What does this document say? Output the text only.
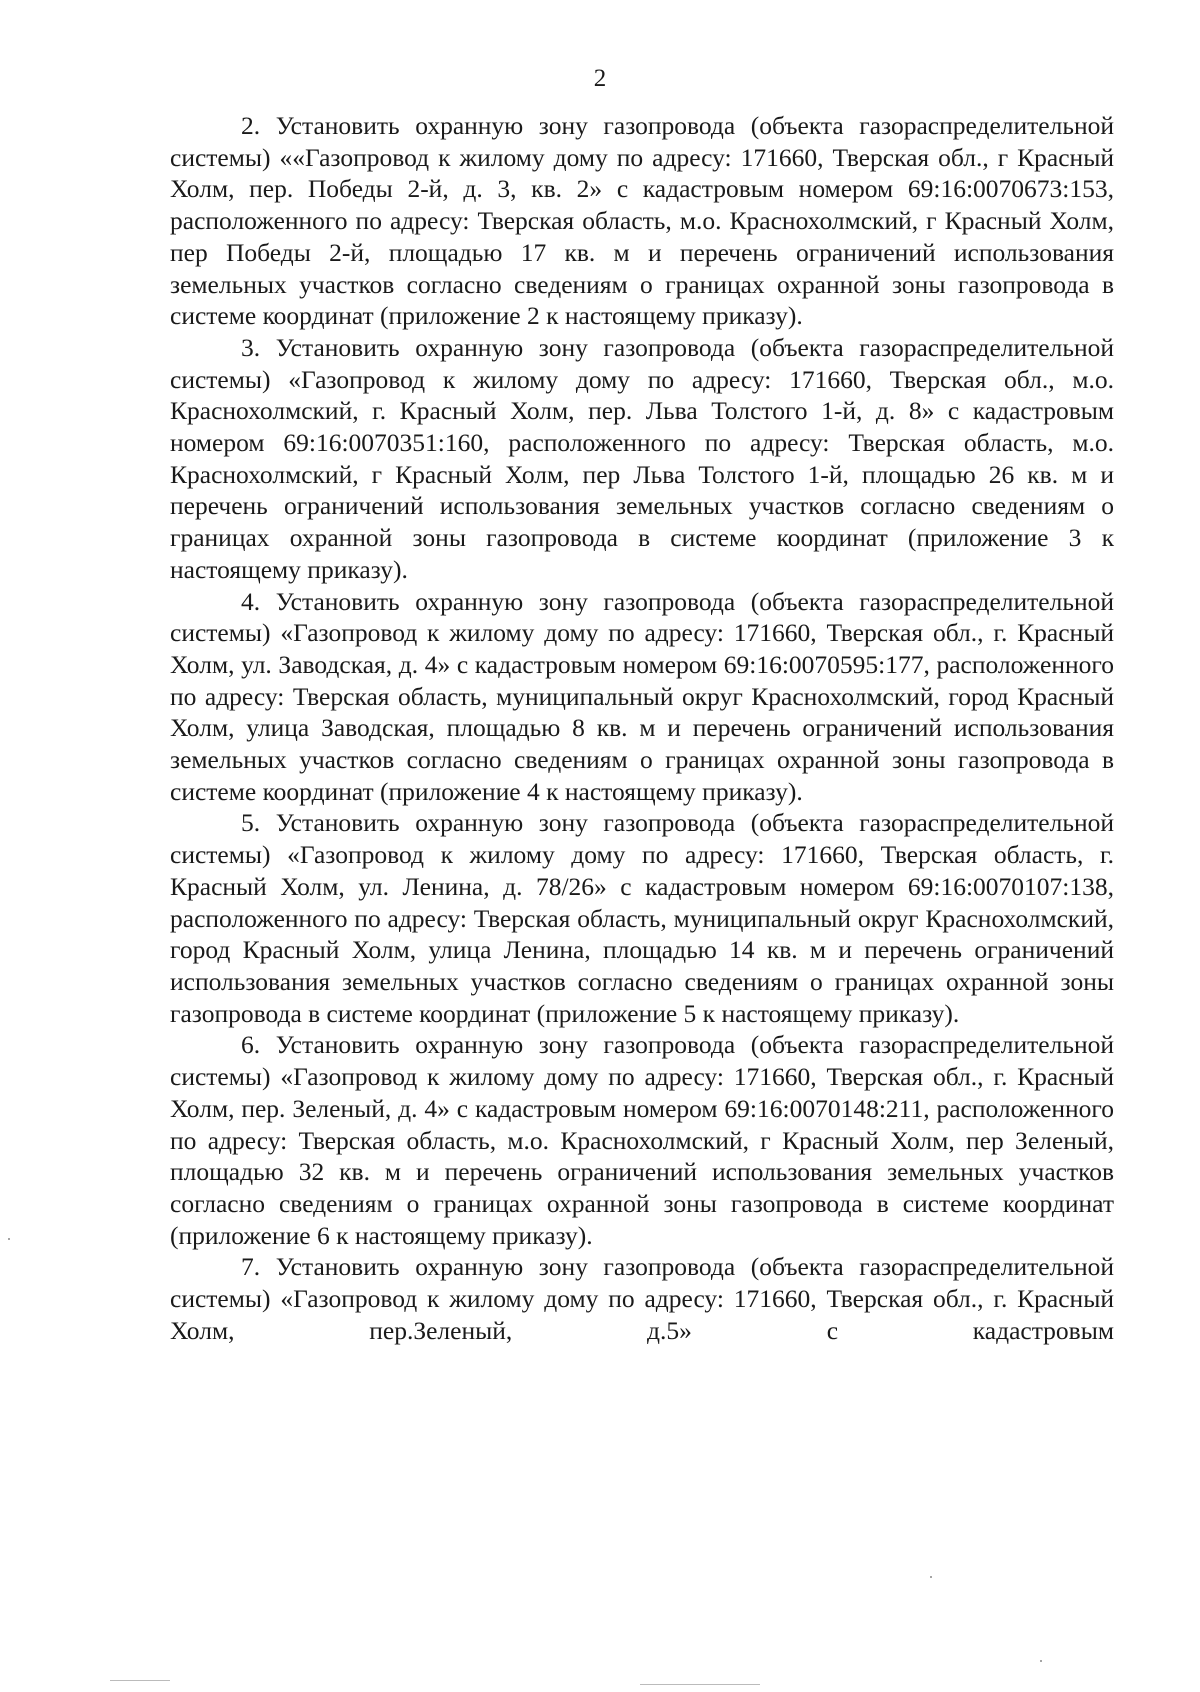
2

2. Установить охранную зону газопровода (объекта газораспределительной системы) ««Газопровод к жилому дому по адресу: 171660, Тверская обл., г Красный Холм, пер. Победы 2-й, д. 3, кв. 2» с кадастровым номером 69:16:0070673:153, расположенного по адресу: Тверская область, м.о. Краснохолмский, г Красный Холм, пер Победы 2-й, площадью 17 кв. м и перечень ограничений использования земельных участков согласно сведениям о границах охранной зоны газопровода в системе координат (приложение 2 к настоящему приказу).

3. Установить охранную зону газопровода (объекта газораспределительной системы) «Газопровод к жилому дому по адресу: 171660, Тверская обл., м.о. Краснохолмский, г. Красный Холм, пер. Льва Толстого 1-й, д. 8» с кадастровым номером 69:16:0070351:160, расположенного по адресу: Тверская область, м.о. Краснохолмский, г Красный Холм, пер Льва Толстого 1-й, площадью 26 кв. м и перечень ограничений использования земельных участков согласно сведениям о границах охранной зоны газопровода в системе координат (приложение 3 к настоящему приказу).

4. Установить охранную зону газопровода (объекта газораспределительной системы) «Газопровод к жилому дому по адресу: 171660, Тверская обл., г. Красный Холм, ул. Заводская, д. 4» с кадастровым номером 69:16:0070595:177, расположенного по адресу: Тверская область, муниципальный округ Краснохолмский, город Красный Холм, улица Заводская, площадью 8 кв. м и перечень ограничений использования земельных участков согласно сведениям о границах охранной зоны газопровода в системе координат (приложение 4 к настоящему приказу).

5. Установить охранную зону газопровода (объекта газораспределительной системы) «Газопровод к жилому дому по адресу: 171660, Тверская область, г. Красный Холм, ул. Ленина, д. 78/26» с кадастровым номером 69:16:0070107:138, расположенного по адресу: Тверская область, муниципальный округ Краснохолмский, город Красный Холм, улица Ленина, площадью 14 кв. м и перечень ограничений использования земельных участков согласно сведениям о границах охранной зоны газопровода в системе координат (приложение 5 к настоящему приказу).

6. Установить охранную зону газопровода (объекта газораспределительной системы) «Газопровод к жилому дому по адресу: 171660, Тверская обл., г. Красный Холм, пер. Зеленый, д. 4» с кадастровым номером 69:16:0070148:211, расположенного по адресу: Тверская область, м.о. Краснохолмский, г Красный Холм, пер Зеленый, площадью 32 кв. м и перечень ограничений использования земельных участков согласно сведениям о границах охранной зоны газопровода в системе координат (приложение 6 к настоящему приказу).

7. Установить охранную зону газопровода (объекта газораспределительной системы) «Газопровод к жилому дому по адресу: 171660, Тверская обл., г. Красный Холм, пер.Зеленый, д.5» с кадастровым
